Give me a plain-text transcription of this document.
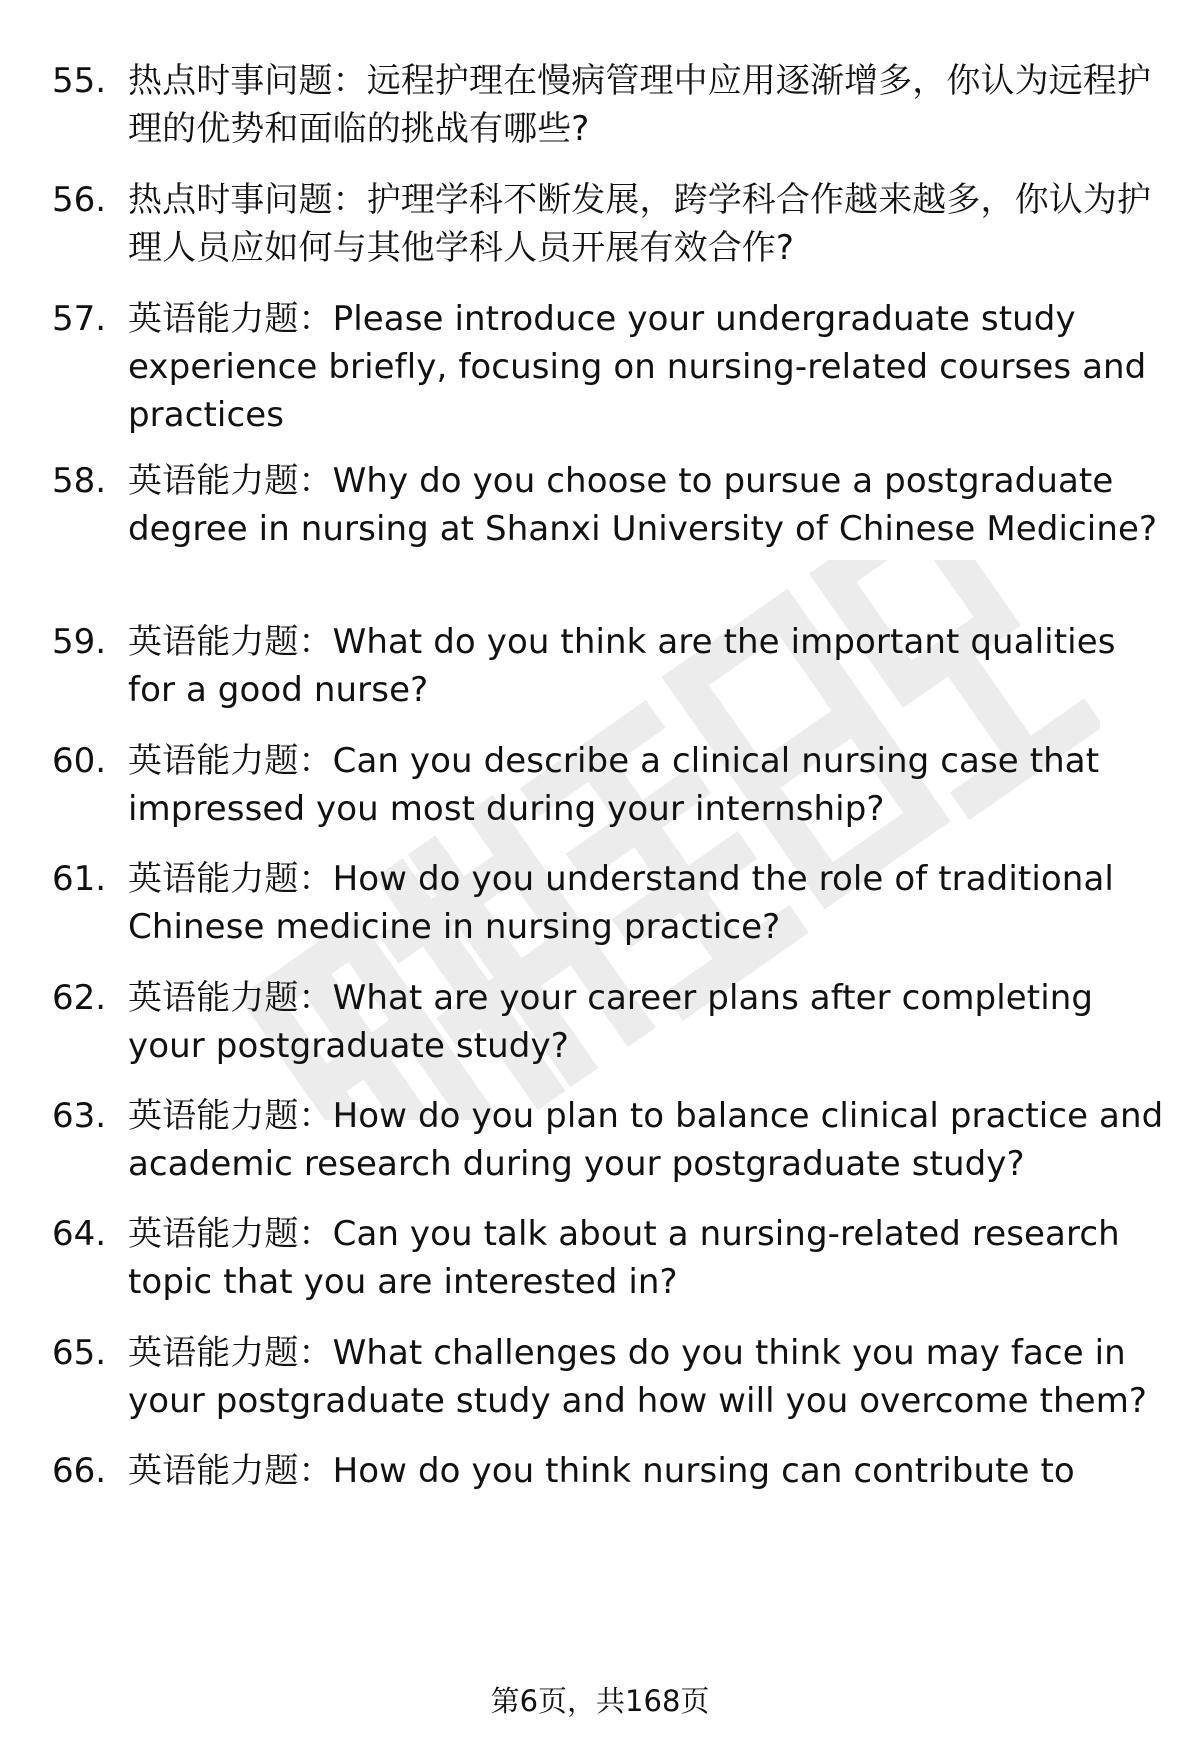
55. 热点时事问题：远程护理在慢病管理中应用逐渐增多，你认为远程护理的优势和面临的挑战有哪些?
56. 热点时事问题：护理学科不断发展，跨学科合作越来越多，你认为护理人员应如何与其他学科人员开展有效合作?
57. 英语能力题：Please introduce your undergraduate study experience briefly, focusing on nursing-related courses and practices
58. 英语能力题：Why do you choose to pursue a postgraduate degree in nursing at Shanxi University of Chinese Medicine?
59. 英语能力题：What do you think are the important qualities for a good nurse?
60. 英语能力题：Can you describe a clinical nursing case that impressed you most during your internship?
61. 英语能力题：How do you understand the role of traditional Chinese medicine in nursing practice?
62. 英语能力题：What are your career plans after completing your postgraduate study?
63. 英语能力题：How do you plan to balance clinical practice and academic research during your postgraduate study?
64. 英语能力题：Can you talk about a nursing-related research topic that you are interested in?
65. 英语能力题：What challenges do you think you may face in your postgraduate study and how will you overcome them?
66. 英语能力题：How do you think nursing can contribute to
第6页，共168页
